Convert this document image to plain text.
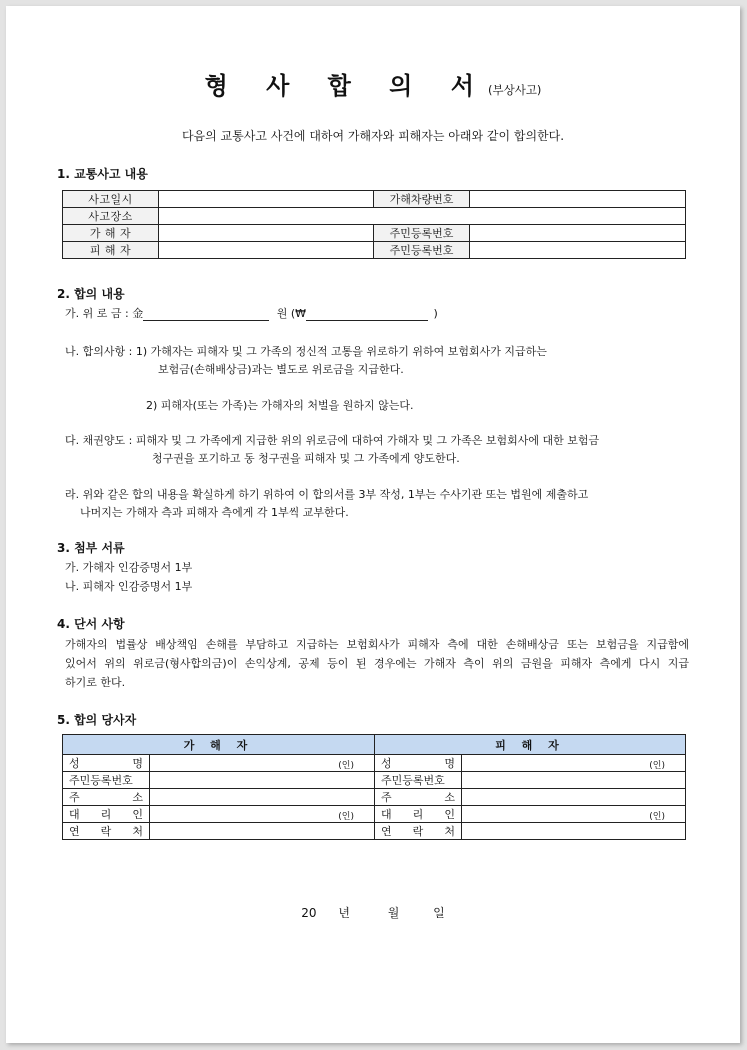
형 사 합 의 서 (부상사고)
다음의 교통사고 사건에 대하여 가해자와 피해자는 아래와 같이 합의한다.
1. 교통사고 내용
사고일시		가해차량번호	
사고장소			
가 해 자		주민등록번호	
피 해 자		주민등록번호	
2. 합의 내용
가. 위 로 금 : 金	원 (₩	)
나. 합의사항 : 1) 가해자는 피해자 및 그 가족의 정신적 고통을 위로하기 위하여 보험회사가 지급하는
보험금(손해배상금)과는 별도로 위로금을 지급한다.
2) 피해자(또는 가족)는 가해자의 처벌을 원하지 않는다.
다. 채권양도 : 피해자 및 그 가족에게 지급한 위의 위로금에 대하여 가해자 및 그 가족은 보험회사에 대한 보험금
청구권을 포기하고 동 청구권을 피해자 및 그 가족에게 양도한다.
라. 위와 같은 합의 내용을 확실하게 하기 위하여 이 합의서를 3부 작성, 1부는 수사기관 또는 법원에 제출하고
나머지는 가해자 측과 피해자 측에게 각 1부씩 교부한다.
3. 첨부 서류
가. 가해자 인감증명서 1부
나. 피해자 인감증명서 1부
4. 단서 사항
가해자의 법률상 배상책임 손해를 부담하고 지급하는 보험회사가 피해자 측에 대한 손해배상금 또는 보험금을 지급함에
있어서 위의 위로금(형사합의금)이 손익상계, 공제 등이 된 경우에는 가해자 측이 위의 금원을 피해자 측에게 다시 지급
하기로 한다.
5. 합의 당사자
가 해 자		피 해 자	

성 명	(인)	성 명	(인)

주민등록번호		주민등록번호	

주 소		주 소	

대 리 인	(인)	대 리 인	(인)

연 락 처		연 락 처	

20 년	월	일
